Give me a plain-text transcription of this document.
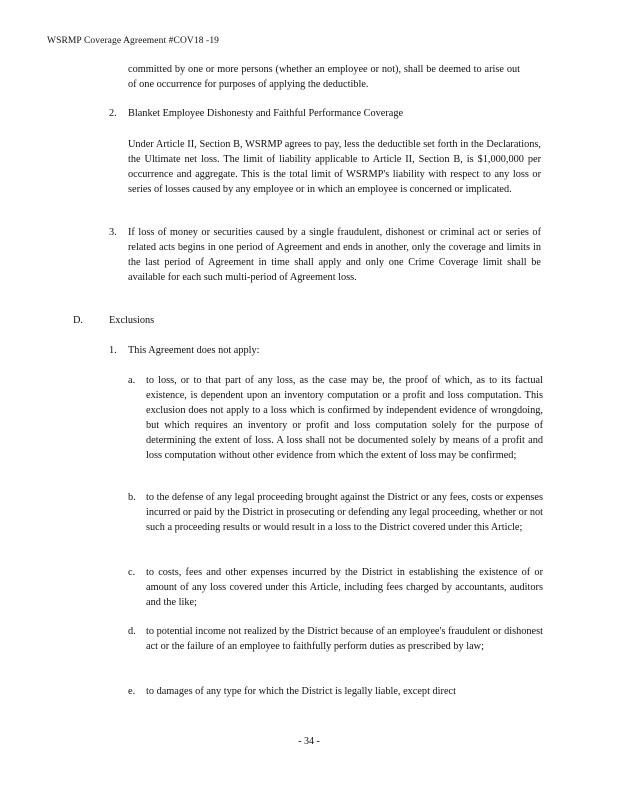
WSRMP Coverage Agreement #COV18 -19
committed by one or more persons (whether an employee or not), shall be deemed to arise out of one occurrence for purposes of applying the deductible.
2. Blanket Employee Dishonesty and Faithful Performance Coverage
Under Article II, Section B, WSRMP agrees to pay, less the deductible set forth in the Declarations, the Ultimate net loss. The limit of liability applicable to Article II, Section B, is $1,000,000 per occurrence and aggregate. This is the total limit of WSRMP's liability with respect to any loss or series of losses caused by any employee or in which an employee is concerned or implicated.
3. If loss of money or securities caused by a single fraudulent, dishonest or criminal act or series of related acts begins in one period of Agreement and ends in another, only the coverage and limits in the last period of Agreement in time shall apply and only one Crime Coverage limit shall be available for each such multi-period of Agreement loss.
D.	Exclusions
1. This Agreement does not apply:
a. to loss, or to that part of any loss, as the case may be, the proof of which, as to its factual existence, is dependent upon an inventory computation or a profit and loss computation. This exclusion does not apply to a loss which is confirmed by independent evidence of wrongdoing, but which requires an inventory or profit and loss computation solely for the purpose of determining the extent of loss. A loss shall not be documented solely by means of a profit and loss computation without other evidence from which the extent of loss may be confirmed;
b. to the defense of any legal proceeding brought against the District or any fees, costs or expenses incurred or paid by the District in prosecuting or defending any legal proceeding, whether or not such a proceeding results or would result in a loss to the District covered under this Article;
c. to costs, fees and other expenses incurred by the District in establishing the existence of or amount of any loss covered under this Article, including fees charged by accountants, auditors and the like;
d. to potential income not realized by the District because of an employee's fraudulent or dishonest act or the failure of an employee to faithfully perform duties as prescribed by law;
e. to damages of any type for which the District is legally liable, except direct
- 34 -
